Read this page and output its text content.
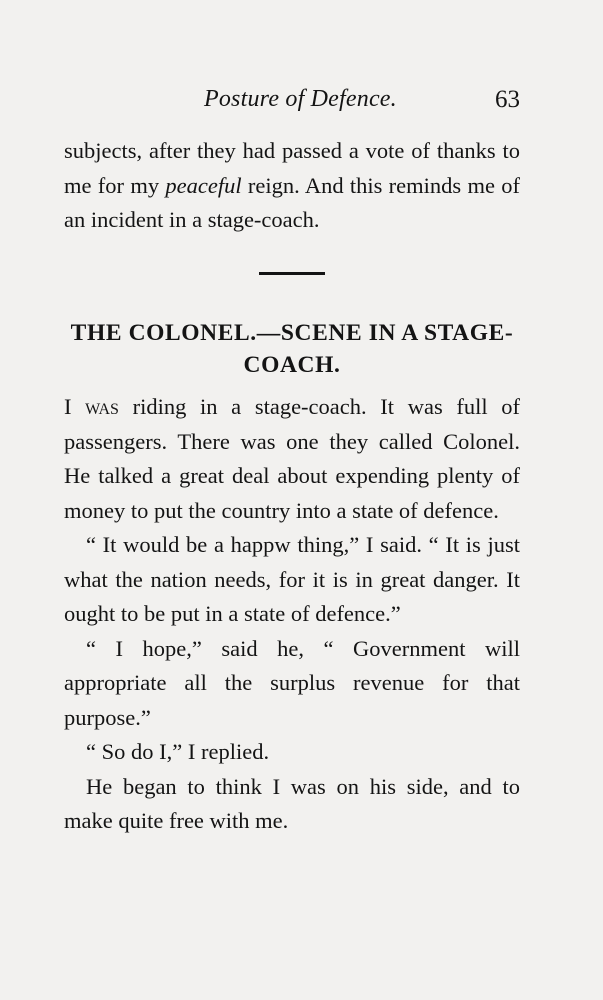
Posture of Defence.	63

subjects, after they had passed a vote of thanks to me for my peaceful reign. And this reminds me of an incident in a stage-coach.

THE COLONEL.—SCENE IN A STAGE-COACH.

I was riding in a stage-coach. It was full of passengers. There was one they called Colonel. He talked a great deal about expending plenty of money to put the country into a state of defence.

“ It would be a happw thing,” I said. “ It is just what the nation needs, for it is in great danger. It ought to be put in a state of defence.”

“ I hope,” said he, “ Government will appropriate all the surplus revenue for that purpose.”

“ So do I,” I replied.

He began to think I was on his side, and to make quite free with me.
